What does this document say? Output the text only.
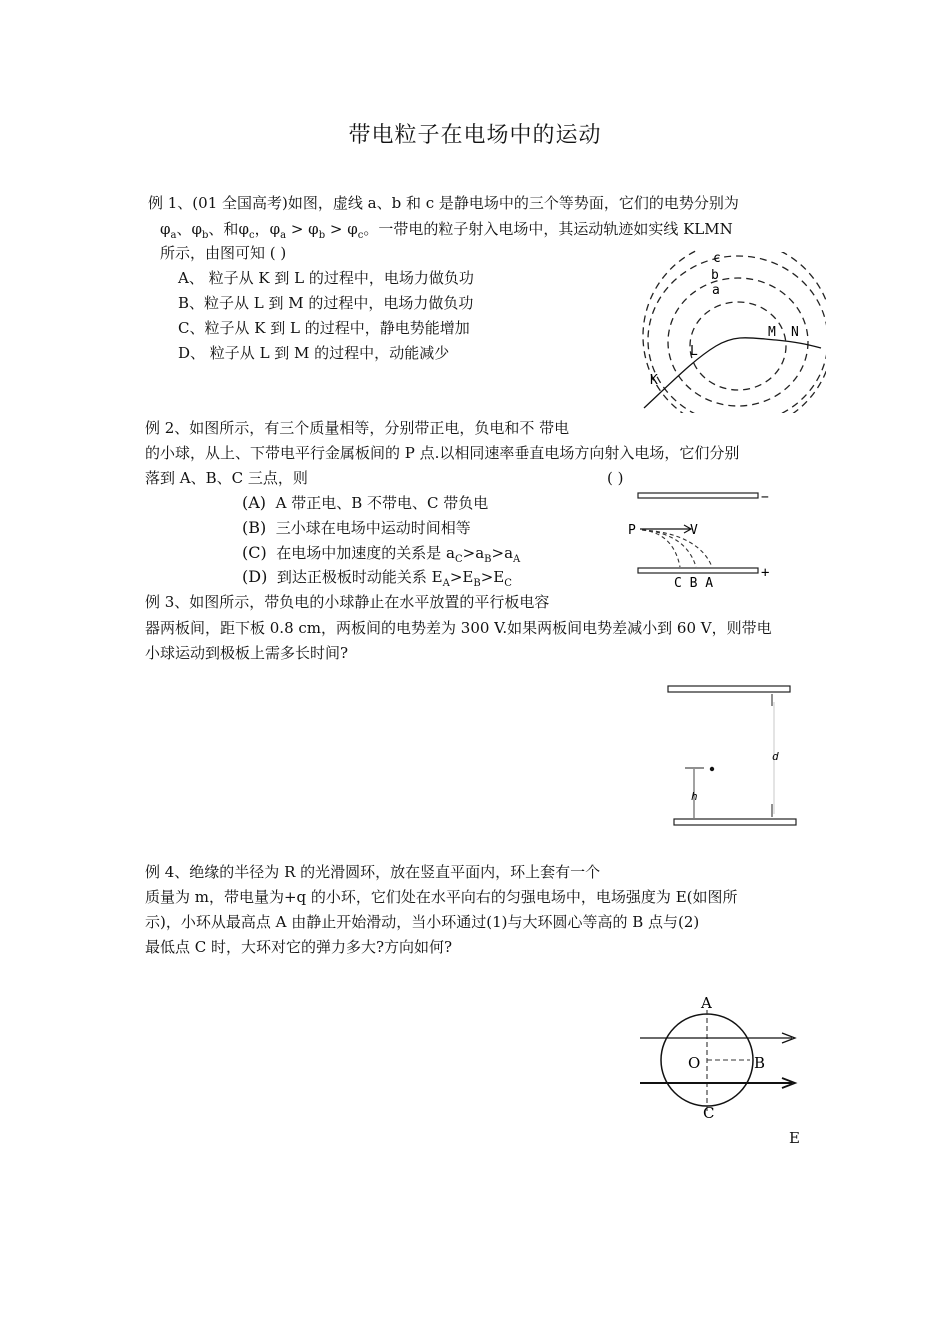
带电粒子在电场中的运动
例 1、(01 全国高考)如图，虚线 a、b 和 c 是静电场中的三个等势面，它们的电势分别为
$\varphi_a$、$\varphi_b$、和$\varphi_c$，$\varphi_a > \varphi_b > \varphi_c$。一带电的粒子射入电场中，其运动轨迹如实线 KLMN
所示，由图可知 ( )
A、 粒子从 K 到 L 的过程中，电场力做负功
B、粒子从 L 到 M 的过程中，电场力做负功
C、粒子从 K 到 L 的过程中，静电势能增加
D、 粒子从 L 到 M 的过程中，动能减少
c
b
a
K
L
M N
例 2、如图所示，有三个质量相等，分别带正电，负电和不 带电
的小球，从上、下带电平行金属板间的 P 点.以相同速率垂直电场方向射入电场，它们分别
落到 A、B、C 三点，则	( )
(A) A 带正电、B 不带电、C 带负电
(B) 三小球在电场中运动时间相等
(C) 在电场中加速度的关系是 $a_C>a_B>a_A$
(D) 到达正极板时动能关系 $E_A>E_B>E_C$
−
+
P	V
C B A
例 3、如图所示，带负电的小球静止在水平放置的平行板电容
器两板间，距下板 0.8 cm，两板间的电势差为 300 V.如果两板间电势差减小到 60 V，则带电
小球运动到极板上需多长时间?
d
h
例 4、绝缘的半径为 R 的光滑圆环，放在竖直平面内，环上套有一个
质量为 m，带电量为+q 的小环，它们处在水平向右的匀强电场中，电场强度为 E(如图所
示)，小环从最高点 A 由静止开始滑动，当小环通过(1)与大环圆心等高的 B 点与(2)
最低点 C 时，大环对它的弹力多大?方向如何?
A
O	B
C
E
